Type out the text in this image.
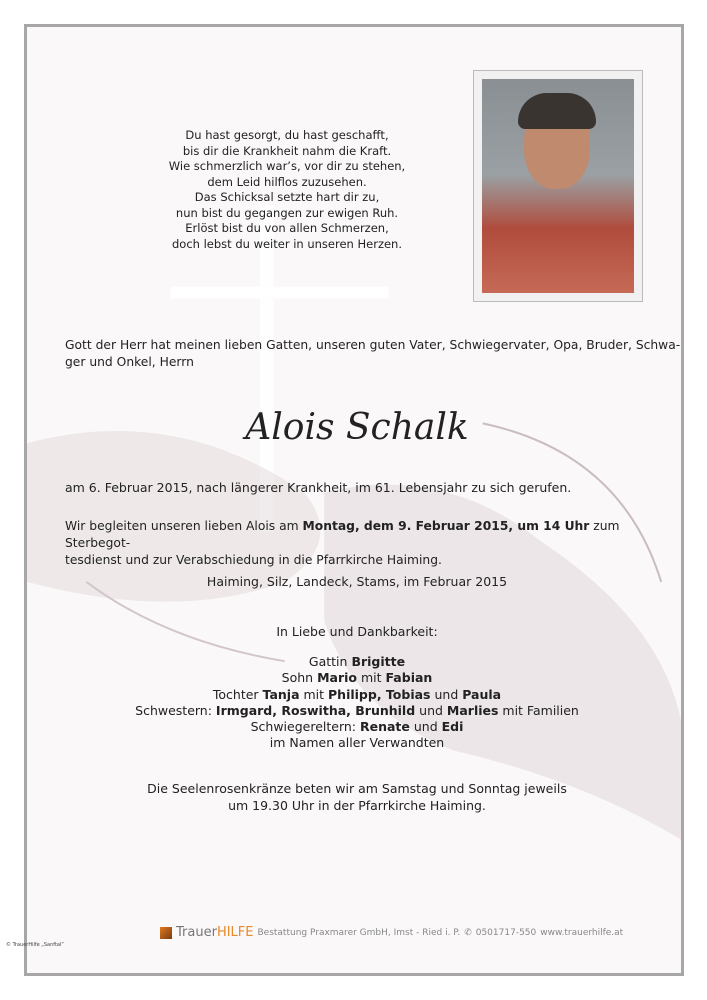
Du hast gesorgt, du hast geschafft,
bis dir die Krankheit nahm die Kraft.
Wie schmerzlich war’s, vor dir zu stehen,
dem Leid hilflos zuzusehen.
Das Schicksal setzte hart dir zu,
nun bist du gegangen zur ewigen Ruh.
Erlöst bist du von allen Schmerzen,
doch lebst du weiter in unseren Herzen.
Gott der Herr hat meinen lieben Gatten, unseren guten Vater, Schwiegervater, Opa, Bruder, Schwa-
ger und Onkel, Herrn
Alois Schalk
am 6. Februar 2015, nach längerer Krankheit, im 61. Lebensjahr zu sich gerufen.
Wir begleiten unseren lieben Alois am Montag, dem 9. Februar 2015, um 14 Uhr zum Sterbegot-
tesdienst und zur Verabschiedung in die Pfarrkirche Haiming.
Haiming, Silz, Landeck, Stams, im Februar 2015
In Liebe und Dankbarkeit:
Gattin Brigitte
Sohn Mario mit Fabian
Tochter Tanja mit Philipp, Tobias und Paula
Schwestern: Irmgard, Roswitha, Brunhild und Marlies mit Familien
Schwiegereltern: Renate und Edi
im Namen aller Verwandten
Die Seelenrosenkränze beten wir am Samstag und Sonntag jeweils
um 19.30 Uhr in der Pfarrkirche Haiming.
TrauerHILFE Bestattung Praxmarer GmbH, Imst - Ried i. P. ✆ 0501717-550 www.trauerhilfe.at
© TrauerHilfe „Sanftal“
